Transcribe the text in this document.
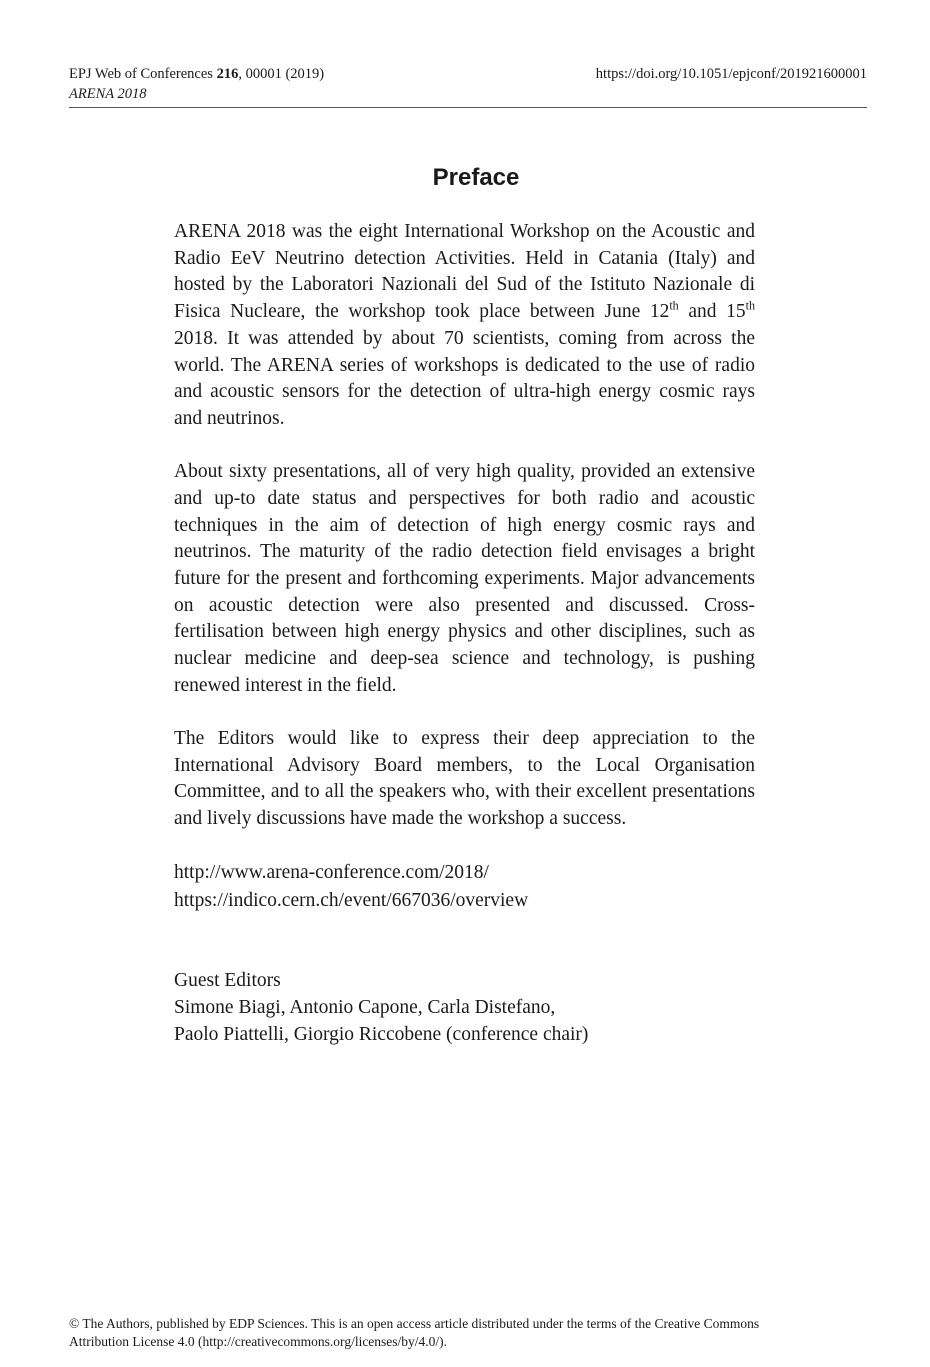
EPJ Web of Conferences 216, 00001 (2019)	https://doi.org/10.1051/epjconf/201921600001
ARENA 2018
Preface

ARENA 2018 was the eight International Workshop on the Acoustic and Radio EeV Neutrino detection Activities. Held in Catania (Italy) and hosted by the Laboratori Nazionali del Sud of the Istituto Nazionale di Fisica Nucleare, the workshop took place between June 12th and 15th 2018. It was attended by about 70 scientists, coming from across the world. The ARENA series of workshops is dedicated to the use of radio and acoustic sensors for the detection of ultra-high energy cosmic rays and neutrinos.

About sixty presentations, all of very high quality, provided an extensive and up-to date status and perspectives for both radio and acoustic techniques in the aim of detection of high energy cosmic rays and neutrinos. The maturity of the radio detection field envisages a bright future for the present and forthcoming experiments. Major advancements on acoustic detection were also presented and discussed. Cross-fertilisation between high energy physics and other disciplines, such as nuclear medicine and deep-sea science and technology, is pushing renewed interest in the field.

The Editors would like to express their deep appreciation to the International Advisory Board members, to the Local Organisation Committee, and to all the speakers who, with their excellent presentations and lively discussions have made the workshop a success.

http://www.arena-conference.com/2018/
https://indico.cern.ch/event/667036/overview
Guest Editors
Simone Biagi, Antonio Capone, Carla Distefano,
Paolo Piattelli, Giorgio Riccobene (conference chair)
© The Authors, published by EDP Sciences. This is an open access article distributed under the terms of the Creative Commons
Attribution License 4.0 (http://creativecommons.org/licenses/by/4.0/).
